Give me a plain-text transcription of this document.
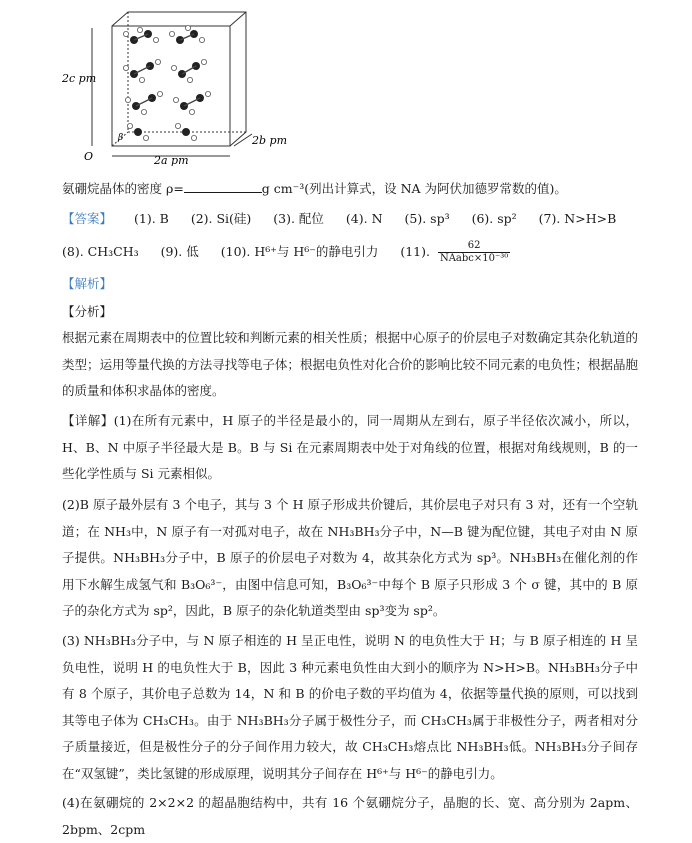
2c pm
2a pm
2b pm
O
β
氨硼烷晶体的密度 ρ=	g cm⁻³(列出计算式，设 NA 为阿伏加德罗常数的值)。
【答案】 (1). B (2). Si(硅) (3). 配位 (4). N (5). sp³ (6). sp² (7). N>H>B
(8). CH₃CH₃ (9). 低 (10). H⁶⁺与 H⁶⁻的静电引力 (11). $\frac{62}{\text{NAabc×10⁻³⁰}}$
【解析】
【分析】
根据元素在周期表中的位置比较和判断元素的相关性质；根据中心原子的价层电子对数确定其杂化轨道的类型；运用等量代换的方法寻找等电子体；根据电负性对化合价的影响比较不同元素的电负性；根据晶胞的质量和体积求晶体的密度。
【详解】(1)在所有元素中，H 原子的半径是最小的，同一周期从左到右，原子半径依次减小，所以，H、B、N 中原子半径最大是 B。B 与 Si 在元素周期表中处于对角线的位置，根据对角线规则，B 的一些化学性质与 Si 元素相似。
(2)B 原子最外层有 3 个电子，其与 3 个 H 原子形成共价键后，其价层电子对只有 3 对，还有一个空轨道；在 NH₃中，N 原子有一对孤对电子，故在 NH₃BH₃分子中，N—B 键为配位键，其电子对由 N 原子提供。NH₃BH₃分子中，B 原子的价层电子对数为 4，故其杂化方式为 sp³。NH₃BH₃在催化剂的作用下水解生成氢气和 B₃O₆³⁻，由图中信息可知，B₃O₆³⁻中每个 B 原子只形成 3 个 σ 键，其中的 B 原子的杂化方式为 sp²，因此，B 原子的杂化轨道类型由 sp³变为 sp²。
(3) NH₃BH₃分子中，与 N 原子相连的 H 呈正电性，说明 N 的电负性大于 H；与 B 原子相连的 H 呈负电性，说明 H 的电负性大于 B，因此 3 种元素电负性由大到小的顺序为 N>H>B。NH₃BH₃分子中有 8 个原子，其价电子总数为 14，N 和 B 的价电子数的平均值为 4，依据等量代换的原则，可以找到其等电子体为 CH₃CH₃。由于 NH₃BH₃分子属于极性分子，而 CH₃CH₃属于非极性分子，两者相对分子质量接近，但是极性分子的分子间作用力较大，故 CH₃CH₃熔点比 NH₃BH₃低。NH₃BH₃分子间存在“双氢键”，类比氢键的形成原理，说明其分子间存在 H⁶⁺与 H⁶⁻的静电引力。
(4)在氨硼烷的 2×2×2 的超晶胞结构中，共有 16 个氨硼烷分子，晶胞的长、宽、高分别为 2apm、2bpm、2cpm
